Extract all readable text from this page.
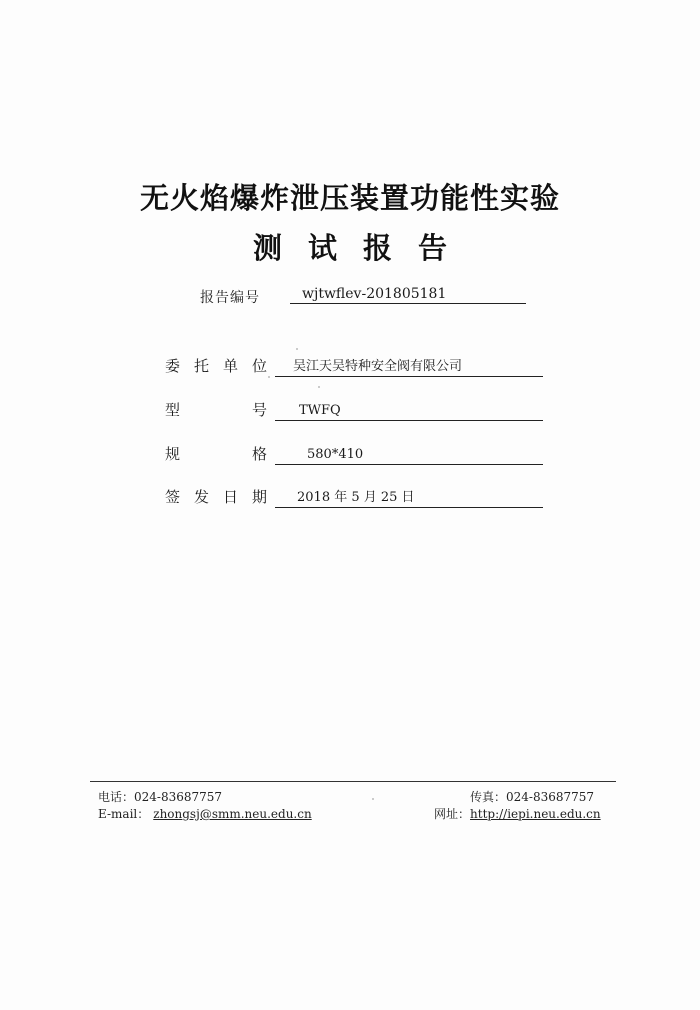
无火焰爆炸泄压装置功能性实验
测试报告
报告编号	wjtwflev-201805181
委 托 单 位	吴江天吴特种安全阀有限公司
型	号	TWFQ
规	格	580*410
签 发 日 期	2018 年 5 月 25 日
电话：024-83687757	传真：024-83687757
E-mail： zhongsj@smm.neu.edu.cn	网址：http://iepi.neu.edu.cn
